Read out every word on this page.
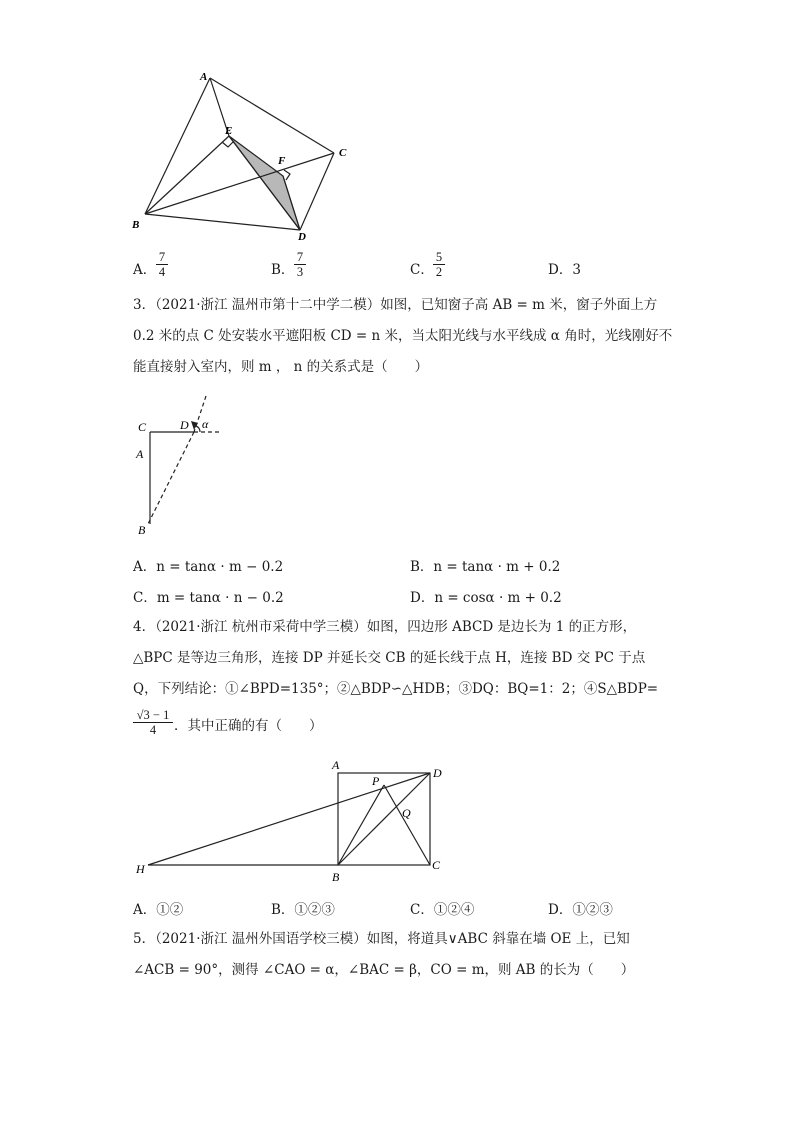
A
E
F
C
B
D
A． $\frac{7}{4}$	B． $\frac{7}{3}$	C． $\frac{5}{2}$	D．3
3．（2021·浙江 温州市第十二中学二模）如图，已知窗子高 AB = m 米，窗子外面上方
0.2 米的点 C 处安装水平遮阳板 CD = n 米，当太阳光线与水平线成 α 角时，光线刚好不
能直接射入室内，则 m ， n 的关系式是（　　）
C	D α
A
B
A．n = tanα · m − 0.2	B．n = tanα · m + 0.2
C．m = tanα · n − 0.2	D．n = cosα · m + 0.2
4．（2021·浙江 杭州市采荷中学三模）如图，四边形 ABCD 是边长为 1 的正方形，
△BPC 是等边三角形，连接 DP 并延长交 CB 的延长线于点 H，连接 BD 交 PC 于点
Q，下列结论：①∠BPD=135°；②△BDP∽△HDB；③DQ：BQ=1：2；④S△BDP=
$\frac{√3 - 1}{4}$ ．其中正确的有（　　）
A
D
P
Q
H
B
C
A．①②	B．①②③	C．①②④	D．①②③
5．（2021·浙江 温州外国语学校三模）如图，将道具∨ABC 斜靠在墙 OE 上，已知
∠ACB = 90°，测得 ∠CAO = α，∠BAC = β，CO = m，则 AB 的长为（　　）
